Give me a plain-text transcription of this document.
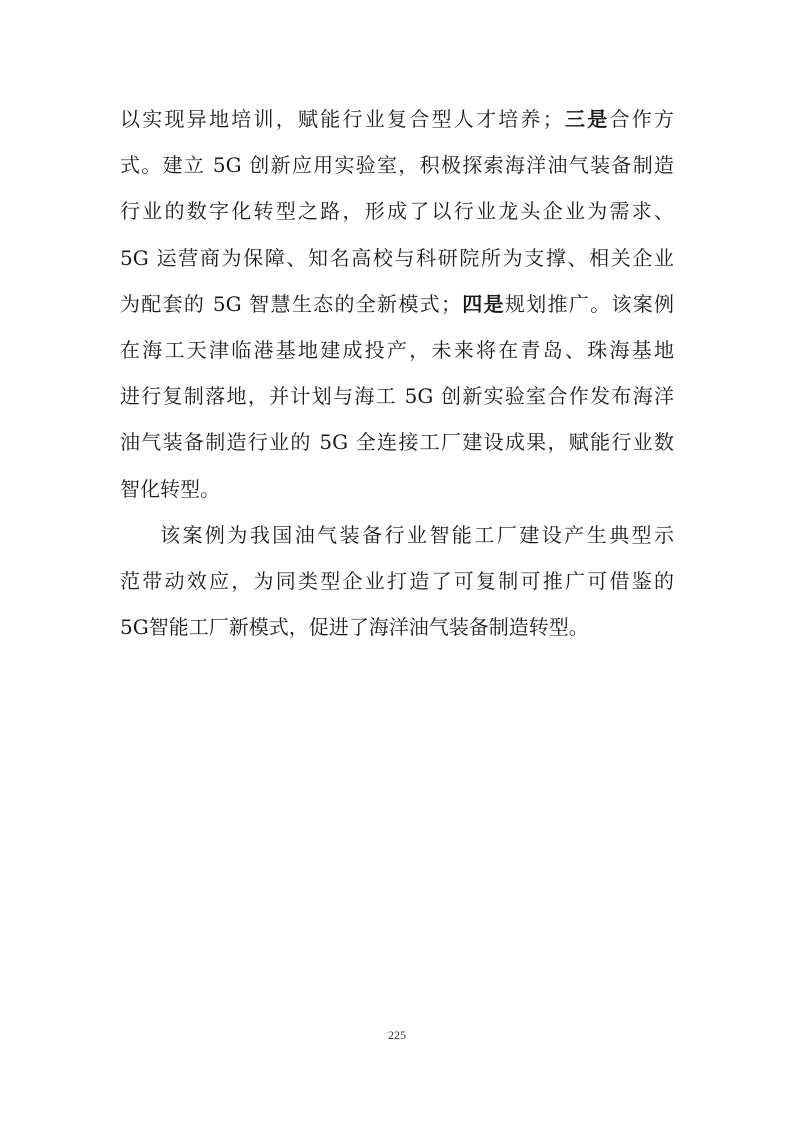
以实现异地培训，赋能行业复合型人才培养；三是合作方
式。建立 5G 创新应用实验室，积极探索海洋油气装备制造
行业的数字化转型之路，形成了以行业龙头企业为需求、
5G 运营商为保障、知名高校与科研院所为支撑、相关企业
为配套的 5G 智慧生态的全新模式；四是规划推广。该案例
在海工天津临港基地建成投产，未来将在青岛、珠海基地
进行复制落地，并计划与海工 5G 创新实验室合作发布海洋
油气装备制造行业的 5G 全连接工厂建设成果，赋能行业数
智化转型。
该案例为我国油气装备行业智能工厂建设产生典型示
范带动效应，为同类型企业打造了可复制可推广可借鉴的
5G智能工厂新模式，促进了海洋油气装备制造转型。
225
